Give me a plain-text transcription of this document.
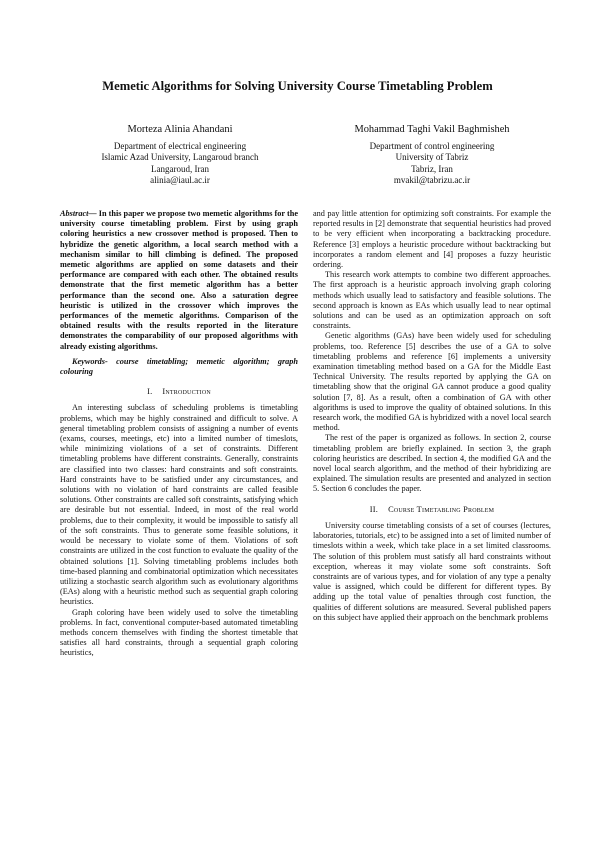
Memetic Algorithms for Solving University Course Timetabling Problem
Morteza Alinia Ahandani
Department of electrical engineering
Islamic Azad University, Langaroud branch
Langaroud, Iran
alinia@iaul.ac.ir
Mohammad Taghi Vakil Baghmisheh
Department of control engineering
University of Tabriz
Tabriz, Iran
mvakil@tabrizu.ac.ir

Abstract— In this paper we propose two memetic algorithms for the university course timetabling problem. First by using graph coloring heuristics a new crossover method is proposed. Then to hybridize the genetic algorithm, a local search method with a mechanism similar to hill climbing is defined. The proposed memetic algorithms are applied on some datasets and their performance are compared with each other. The obtained results demonstrate that the first memetic algorithm has a better performance than the second one. Also a saturation degree heuristic is utilized in the crossover which improves the performances of the memetic algorithms. Comparison of the obtained results with the results reported in the literature demonstrates the comparability of our proposed algorithms with already existing algorithms.

Keywords- course timetabling; memetic algorithm; graph colouring

I. Introduction

An interesting subclass of scheduling problems is timetabling problems, which may be highly constrained and difficult to solve. A general timetabling problem consists of assigning a number of events (exams, courses, meetings, etc) into a limited number of timeslots, while minimizing violations of a set of constraints. Different timetabling problems have different constraints. Generally, constraints are classified into two classes: hard constraints and soft constraints. Hard constraints have to be satisfied under any circumstances, and solutions with no violation of hard constraints are called feasible solutions. Other constraints are called soft constraints, satisfying which are desirable but not essential. Indeed, in most of the real world problems, due to their complexity, it would be impossible to satisfy all of the soft constraints. Thus to generate some feasible solutions, it would be necessary to violate some of them. Violations of soft constraints are utilized in the cost function to evaluate the quality of the obtained solutions [1]. Solving timetabling problems includes both time-based planning and combinatorial optimization which necessitates utilizing a stochastic search algorithm such as evolutionary algorithms (EAs) along with a heuristic method such as sequential graph coloring heuristics.

Graph coloring have been widely used to solve the timetabling problems. In fact, conventional computer-based automated timetabling methods concern themselves with finding the shortest timetable that satisfies all hard constraints, through a sequential graph coloring heuristics,

and pay little attention for optimizing soft constraints. For example the reported results in [2] demonstrate that sequential heuristics had proved to be very efficient when incorporating a backtracking procedure. Reference [3] employs a heuristic procedure without backtracking but incorporates a random element and [4] proposes a fuzzy heuristic ordering.

This research work attempts to combine two different approaches. The first approach is a heuristic approach involving graph coloring methods which usually lead to satisfactory and feasible solutions. The second approach is known as EAs which usually lead to near optimal solutions and can be used as an optimization approach on soft constraints.

Genetic algorithms (GAs) have been widely used for scheduling problems, too. Reference [5] describes the use of a GA to solve timetabling problems and reference [6] implements a university examination timetabling method based on a GA for the Middle East Technical University. The results reported by applying the GA on timetabling show that the original GA cannot produce a good quality solution [7, 8]. As a result, often a combination of GA with other algorithms is used to improve the quality of obtained solutions. In this research work, the modified GA is hybridized with a novel local search method.

The rest of the paper is organized as follows. In section 2, course timetabling problem are briefly explained. In section 3, the graph coloring heuristics are described. In section 4, the modified GA and the novel local search algorithm, and the method of their hybridizing are explained. The simulation results are presented and analyzed in section 5. Section 6 concludes the paper.

II. Course Timetabling Problem

University course timetabling consists of a set of courses (lectures, laboratories, tutorials, etc) to be assigned into a set of limited number of timeslots within a week, which take place in a set limited classrooms. The solution of this problem must satisfy all hard constraints without exception, whereas it may violate some soft constraints. Soft constraints are of various types, and for violation of any type a penalty value is assigned, which could be different for different types. By adding up the total value of penalties through cost function, the qualities of different solutions are measured. Several published papers on this subject have applied their approach on the benchmark problems
